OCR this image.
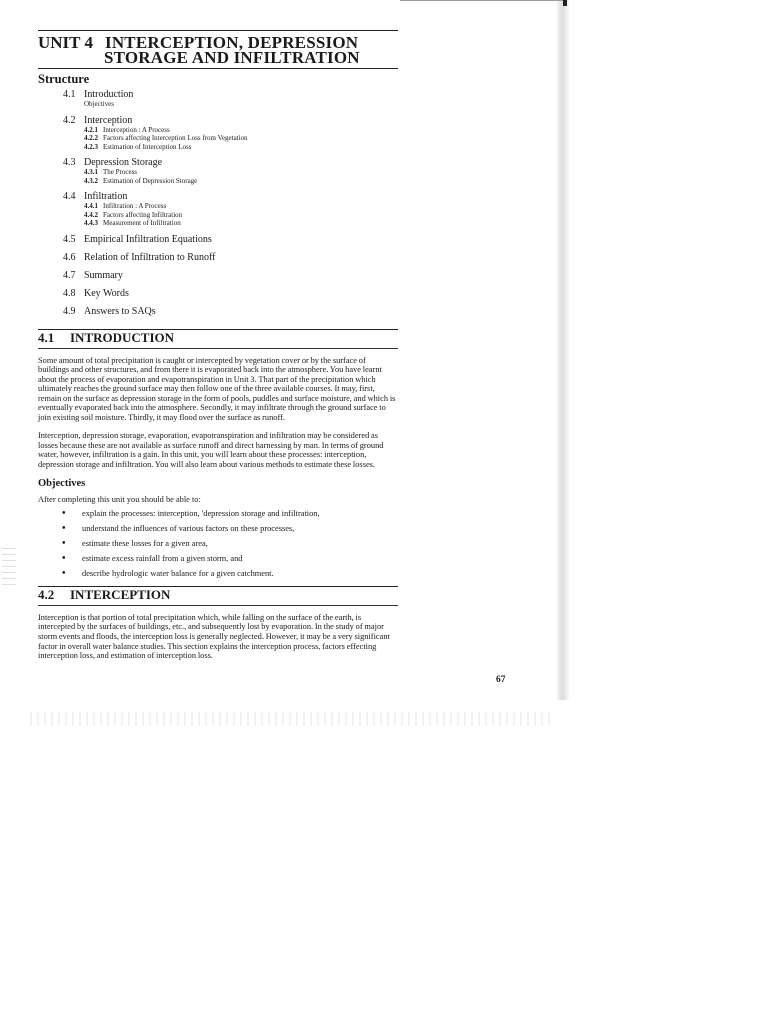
UNIT 4 INTERCEPTION, DEPRESSION
STORAGE AND INFILTRATION
Structure
4.1 Introduction
Objectives
4.2 Interception
4.2.1 Interception : A Process
4.2.2 Factors affecting Interception Loss from Vegetation
4.2.3 Estimation of Interception Loss
4.3 Depression Storage
4.3.1 The Process
4.3.2 Estimation of Depression Storage
4.4 Infiltration
4.4.1 Infiltration : A Process
4.4.2 Factors affecting Infiltration
4.4.3 Measurement of Infiltration
4.5 Empirical Infiltration Equations
4.6 Relation of Infiltration to Runoff
4.7 Summary
4.8 Key Words
4.9 Answers to SAQs
4.1	INTRODUCTION

Some amount of total precipitation is caught or intercepted by vegetation cover or by the surface of buildings and other structures, and from there it is evaporated back into the atmosphere. You have learnt about the process of evaporation and evapotranspiration in Unit 3. That part of the precipitation which ultimately reaches the ground surface may then follow one of the three available courses. It may, first, remain on the surface as depression storage in the form of pools, puddles and surface moisture, and which is eventually evaporated back into the atmosphere. Secondly, it may infiltrate through the ground surface to join existing soil moisture. Thirdly, it may flood over the surface as runoff.

Interception, depression storage, evaporation, evapotranspiration and infiltration may be considered as losses because these are not available as surface runoff and direct harnessing by man. In terms of ground water, however, infiltration is a gain. In this unit, you will learn about these processes: interception, depression storage and infiltration. You will also learn about various methods to estimate these losses.

Objectives
After completing this unit you should be able to:
•	explain the processes: interception, 'depression storage and infiltration,
•	understand the influences of various factors on these processes,
•	estimate these losses for a given area,
•	estimate excess rainfall from a given storm, and
•	describe hydrologic water balance for a given catchment.
4.2	INTERCEPTION

Interception is that portion of total precipitation which, while falling on the surface of the earth, is intercepted by the surfaces of buildings, etc., and subsequently lost by evaporation. In the study of major storm events and floods, the interception loss is generally neglected. However, it may be a very significant factor in overall water balance studies. This section explains the interception process, factors effecting interception loss, and estimation of interception loss.

67
